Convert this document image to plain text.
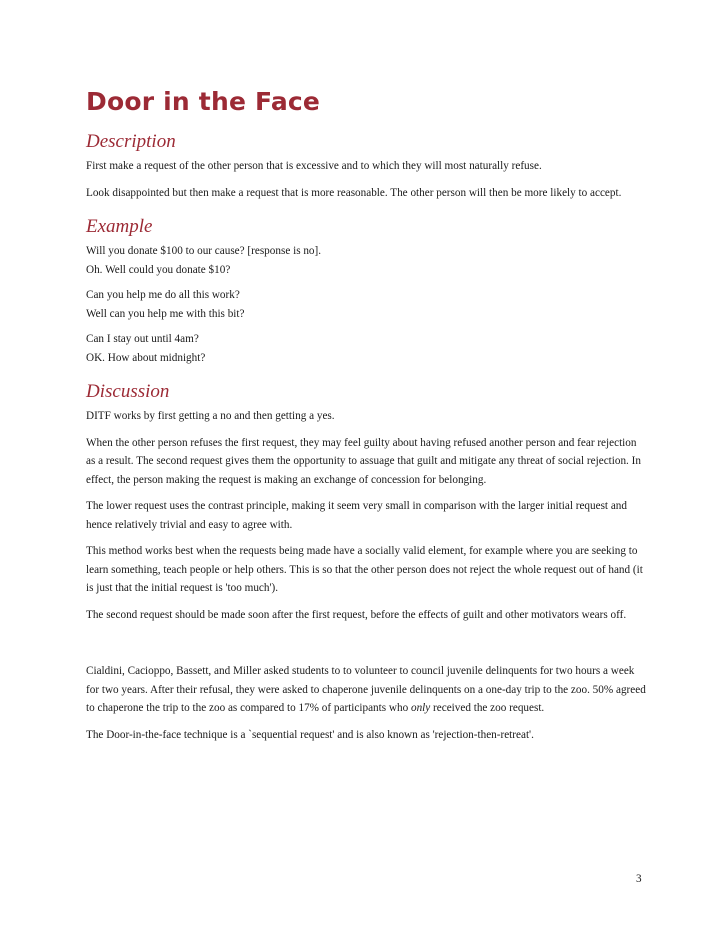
Door in the Face
Description

First make a request of the other person that is excessive and to which they will most naturally refuse.

Look disappointed but then make a request that is more reasonable. The other person will then be more likely to accept.

Example

Will you donate $100 to our cause? [response is no].

Oh. Well could you donate $10?

Can you help me do all this work?

Well can you help me with this bit?

Can I stay out until 4am?

OK. How about midnight?

Discussion

DITF works by first getting a no and then getting a yes.

When the other person refuses the first request, they may feel guilty about having refused another person and fear rejection as a result. The second request gives them the opportunity to assuage that guilt and mitigate any threat of social rejection. In effect, the person making the request is making an exchange of concession for belonging.

The lower request uses the contrast principle, making it seem very small in comparison with the larger initial request and hence relatively trivial and easy to agree with.

This method works best when the requests being made have a socially valid element, for example where you are seeking to learn something, teach people or help others. This is so that the other person does not reject the whole request out of hand (it is just that the initial request is 'too much').

The second request should be made soon after the first request, before the effects of guilt and other motivators wears off.

Cialdini, Cacioppo, Bassett, and Miller asked students to to volunteer to council juvenile delinquents for two hours a week for two years. After their refusal, they were asked to chaperone juvenile delinquents on a one-day trip to the zoo. 50% agreed to chaperone the trip to the zoo as compared to 17% of participants who only received the zoo request.

The Door-in-the-face technique is a `sequential request' and is also known as 'rejection-then-retreat'.

3
